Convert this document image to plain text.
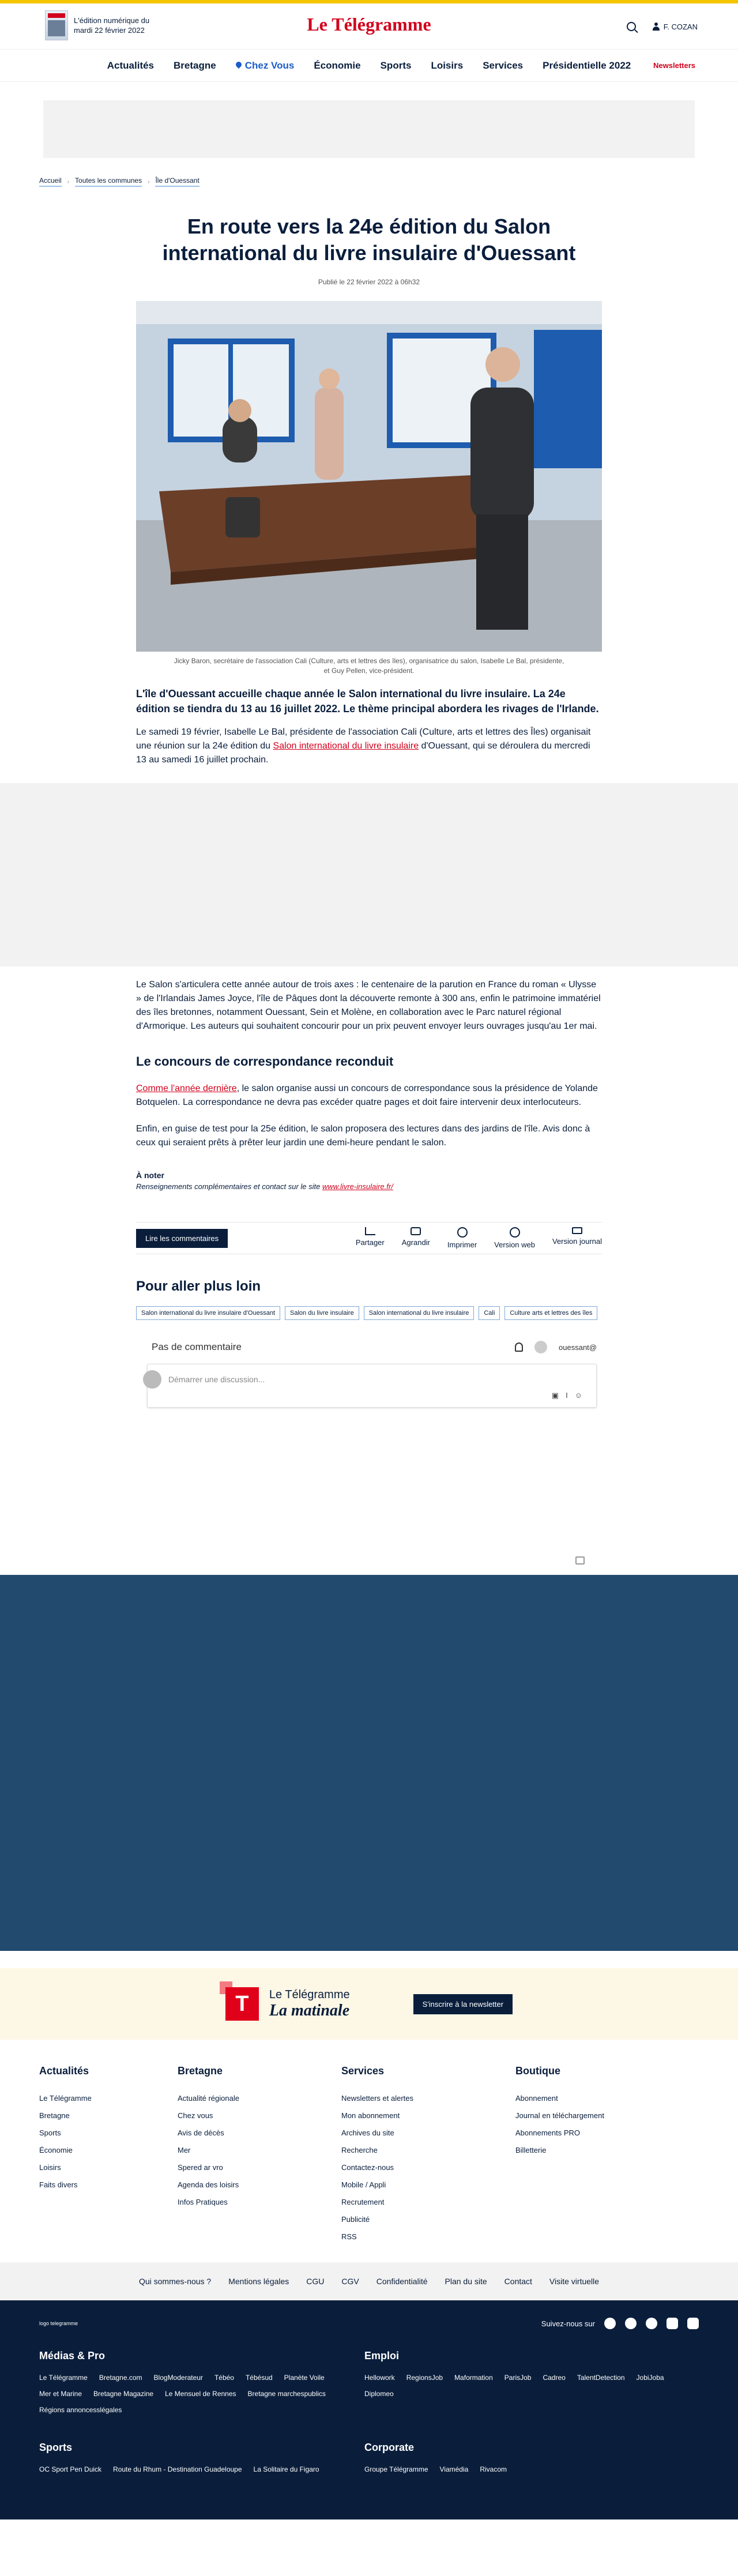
L'édition numérique du
mardi 22 février 2022	Le Télégramme	F. COZAN
Actualités Bretagne	Chez Vous Économie Sports Loisirs Services Présidentielle 2022	Newsletters
Accueil › Toutes les communes › Île d'Ouessant
En route vers la 24e édition du Salon international du livre insulaire d'Ouessant
Publié le 22 février 2022 à 06h32

Jicky Baron, secrétaire de l'association Cali (Culture, arts et lettres des îles), organisatrice du salon, Isabelle Le Bal, présidente, et Guy Pellen, vice-président.

L'île d'Ouessant accueille chaque année le Salon international du livre insulaire. La 24e édition se tiendra du 13 au 16 juillet 2022. Le thème principal abordera les rivages de l'Irlande.

Le samedi 19 février, Isabelle Le Bal, présidente de l'association Cali (Culture, arts et lettres des Îles) organisait une réunion sur la 24e édition du Salon international du livre insulaire d'Ouessant, qui se déroulera du mercredi 13 au samedi 16 juillet prochain.

Le Salon s'articulera cette année autour de trois axes : le centenaire de la parution en France du roman « Ulysse » de l'Irlandais James Joyce, l'île de Pâques dont la découverte remonte à 300 ans, enfin le patrimoine immatériel des îles bretonnes, notamment Ouessant, Sein et Molène, en collaboration avec le Parc naturel régional d'Armorique. Les auteurs qui souhaitent concourir pour un prix peuvent envoyer leurs ouvrages jusqu'au 1er mai.

Le concours de correspondance reconduit

Comme l'année dernière, le salon organise aussi un concours de correspondance sous la présidence de Yolande Botquelen. La correspondance ne devra pas excéder quatre pages et doit faire intervenir deux interlocuteurs.

Enfin, en guise de test pour la 25e édition, le salon proposera des lectures dans des jardins de l'île. Avis donc à ceux qui seraient prêts à prêter leur jardin une demi-heure pendant le salon.

À noter

Renseignements complémentaires et contact sur le site www.livre-insulaire.fr/

Lire les commentaires	Partager Agrandir Imprimer Version web Version journal
Pour aller plus loin
Salon international du livre insulaire d'Ouessant	Salon du livre insulaire	Salon international du livre insulaire	Cali	Culture arts et lettres des îles
Pas de commentaire	ouessant@
Démarrer une discussion...
▣ I ☺
T	Le Télégramme
La matinale	S'inscrire à la newsletter
Actualités
Le Télégramme
Bretagne
Sports
Économie
Loisirs
Faits divers
Bretagne
Actualité régionale
Chez vous
Avis de décès
Mer
Spered ar vro
Agenda des loisirs
Infos Pratiques
Services
Newsletters et alertes
Mon abonnement
Archives du site
Recherche
Contactez-nous
Mobile / Appli
Recrutement
Publicité
RSS
Boutique
Abonnement
Journal en téléchargement
Abonnements PRO
Billetterie
Qui sommes-nous ? Mentions légales CGU CGV Confidentialité Plan du site Contact Visite virtuelle
logo telegramme	Suivez-nous sur
Médias & Pro
Le Télégramme Bretagne.com BlogModerateur Tébéo Tébésud Planète Voile
Mer et Marine Bretagne Magazine Le Mensuel de Rennes Bretagne marchespublics
Régions annoncesslégales
Emploi
Hellowork RegionsJob Maformation ParisJob Cadreo TalentDetection JobiJoba
Diplomeo
Sports
OC Sport Pen Duick Route du Rhum - Destination Guadeloupe La Solitaire du Figaro
Corporate
Groupe Télégramme Viamédia Rivacom
